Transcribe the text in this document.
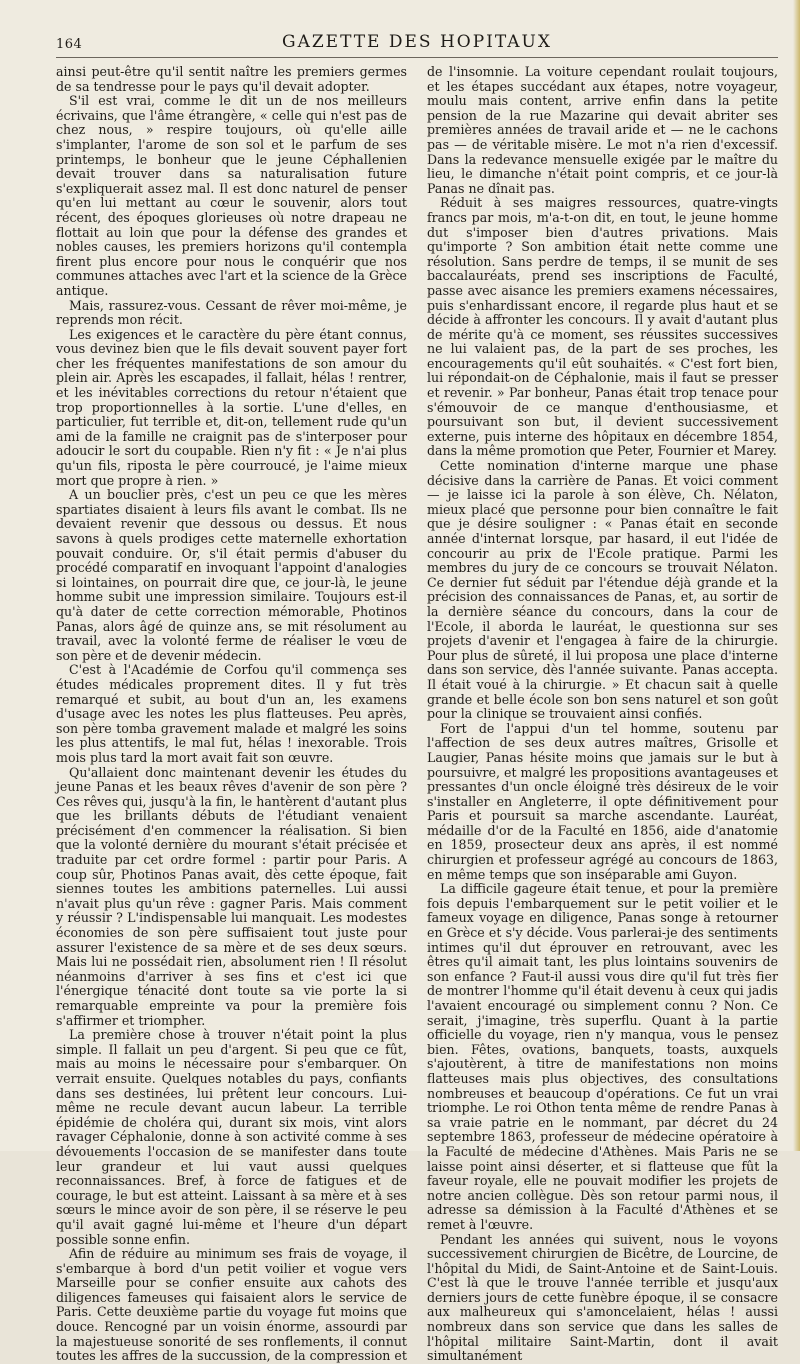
164	GAZETTE DES HOPITAUX

ainsi peut-être qu'il sentit naître les premiers germes de sa tendresse pour le pays qu'il devait adopter.

S'il est vrai, comme le dit un de nos meilleurs écrivains, que l'âme étrangère, « celle qui n'est pas de chez nous, » respire toujours, où qu'elle aille s'implanter, l'arome de son sol et le parfum de ses printemps, le bonheur que le jeune Céphallenien devait trouver dans sa naturalisation future s'expliquerait assez mal. Il est donc naturel de penser qu'en lui mettant au cœur le souvenir, alors tout récent, des époques glorieuses où notre drapeau ne flottait au loin que pour la défense des grandes et nobles causes, les premiers horizons qu'il contempla firent plus encore pour nous le conquérir que nos communes attaches avec l'art et la science de la Grèce antique.

Mais, rassurez-vous. Cessant de rêver moi-même, je reprends mon récit.

Les exigences et le caractère du père étant connus, vous devinez bien que le fils devait souvent payer fort cher les fréquentes manifestations de son amour du plein air. Après les escapades, il fallait, hélas ! rentrer, et les inévitables corrections du retour n'étaient que trop proportionnelles à la sortie. L'une d'elles, en particulier, fut terrible et, dit-on, tellement rude qu'un ami de la famille ne craignit pas de s'interposer pour adoucir le sort du coupable. Rien n'y fit : « Je n'ai plus qu'un fils, riposta le père courroucé, je l'aime mieux mort que propre à rien. »

A un bouclier près, c'est un peu ce que les mères spartiates disaient à leurs fils avant le combat. Ils ne devaient revenir que dessous ou dessus. Et nous savons à quels prodiges cette maternelle exhortation pouvait conduire. Or, s'il était permis d'abuser du procédé comparatif en invoquant l'appoint d'analogies si lointaines, on pourrait dire que, ce jour-là, le jeune homme subit une impression similaire. Toujours est-il qu'à dater de cette correction mémorable, Photinos Panas, alors âgé de quinze ans, se mit résolument au travail, avec la volonté ferme de réaliser le vœu de son père et de devenir médecin.

C'est à l'Académie de Corfou qu'il commença ses études médicales proprement dites. Il y fut très remarqué et subit, au bout d'un an, les examens d'usage avec les notes les plus flatteuses. Peu après, son père tomba gravement malade et malgré les soins les plus attentifs, le mal fut, hélas ! inexorable. Trois mois plus tard la mort avait fait son œuvre.

Qu'allaient donc maintenant devenir les études du jeune Panas et les beaux rêves d'avenir de son père ? Ces rêves qui, jusqu'à la fin, le hantèrent d'autant plus que les brillants débuts de l'étudiant venaient précisément d'en commencer la réalisation. Si bien que la volonté dernière du mourant s'était précisée et traduite par cet ordre formel : partir pour Paris. A coup sûr, Photinos Panas avait, dès cette époque, fait siennes toutes les ambitions paternelles. Lui aussi n'avait plus qu'un rêve : gagner Paris. Mais comment y réussir ? L'indispensable lui manquait. Les modestes économies de son père suffisaient tout juste pour assurer l'existence de sa mère et de ses deux sœurs. Mais lui ne possédait rien, absolument rien ! Il résolut néanmoins d'arriver à ses fins et c'est ici que l'énergique ténacité dont toute sa vie porte la si remarquable empreinte va pour la première fois s'affirmer et triompher.

La première chose à trouver n'était point la plus simple. Il fallait un peu d'argent. Si peu que ce fût, mais au moins le nécessaire pour s'embarquer. On verrait ensuite. Quelques notables du pays, confiants dans ses destinées, lui prêtent leur concours. Lui-même ne recule devant aucun labeur. La terrible épidémie de choléra qui, durant six mois, vint alors ravager Céphalonie, donne à son activité comme à ses dévouements l'occasion de se manifester dans toute leur grandeur et lui vaut aussi quelques reconnaissances. Bref, à force de fatigues et de courage, le but est atteint. Laissant à sa mère et à ses sœurs le mince avoir de son père, il se réserve le peu qu'il avait gagné lui-même et l'heure d'un départ possible sonne enfin.

Afin de réduire au minimum ses frais de voyage, il s'embarque à bord d'un petit voilier et vogue vers Marseille pour se confier ensuite aux cahots des diligences fameuses qui faisaient alors le service de Paris. Cette deuxième partie du voyage fut moins que douce. Rencogné par un voisin énorme, assourdi par la majestueuse sonorité de ses ronflements, il connut toutes les affres de la succussion, de la compression et

de l'insomnie. La voiture cependant roulait toujours, et les étapes succédant aux étapes, notre voyageur, moulu mais content, arrive enfin dans la petite pension de la rue Mazarine qui devait abriter ses premières années de travail aride et — ne le cachons pas — de véritable misère. Le mot n'a rien d'excessif. Dans la redevance mensuelle exigée par le maître du lieu, le dimanche n'était point compris, et ce jour-là Panas ne dînait pas.

Réduit à ses maigres ressources, quatre-vingts francs par mois, m'a-t-on dit, en tout, le jeune homme dut s'imposer bien d'autres privations. Mais qu'importe ? Son ambition était nette comme une résolution. Sans perdre de temps, il se munit de ses baccalauréats, prend ses inscriptions de Faculté, passe avec aisance les premiers examens nécessaires, puis s'enhardissant encore, il regarde plus haut et se décide à affronter les concours. Il y avait d'autant plus de mérite qu'à ce moment, ses réussites successives ne lui valaient pas, de la part de ses proches, les encouragements qu'il eût souhaités. « C'est fort bien, lui répondait-on de Céphalonie, mais il faut se presser et revenir. » Par bonheur, Panas était trop tenace pour s'émouvoir de ce manque d'enthousiasme, et poursuivant son but, il devient successivement externe, puis interne des hôpitaux en décembre 1854, dans la même promotion que Peter, Fournier et Marey.

Cette nomination d'interne marque une phase décisive dans la carrière de Panas. Et voici comment — je laisse ici la parole à son élève, Ch. Nélaton, mieux placé que personne pour bien connaître le fait que je désire souligner : « Panas était en seconde année d'internat lorsque, par hasard, il eut l'idée de concourir au prix de l'Ecole pratique. Parmi les membres du jury de ce concours se trouvait Nélaton. Ce dernier fut séduit par l'étendue déjà grande et la précision des connaissances de Panas, et, au sortir de la dernière séance du concours, dans la cour de l'Ecole, il aborda le lauréat, le questionna sur ses projets d'avenir et l'engagea à faire de la chirurgie. Pour plus de sûreté, il lui proposa une place d'interne dans son service, dès l'année suivante. Panas accepta. Il était voué à la chirurgie. » Et chacun sait à quelle grande et belle école son bon sens naturel et son goût pour la clinique se trouvaient ainsi confiés.

Fort de l'appui d'un tel homme, soutenu par l'affection de ses deux autres maîtres, Grisolle et Laugier, Panas hésite moins que jamais sur le but à poursuivre, et malgré les propositions avantageuses et pressantes d'un oncle éloigné très désireux de le voir s'installer en Angleterre, il opte définitivement pour Paris et poursuit sa marche ascendante. Lauréat, médaille d'or de la Faculté en 1856, aide d'anatomie en 1859, prosecteur deux ans après, il est nommé chirurgien et professeur agrégé au concours de 1863, en même temps que son inséparable ami Guyon.

La difficile gageure était tenue, et pour la première fois depuis l'embarquement sur le petit voilier et le fameux voyage en diligence, Panas songe à retourner en Grèce et s'y décide. Vous parlerai-je des sentiments intimes qu'il dut éprouver en retrouvant, avec les êtres qu'il aimait tant, les plus lointains souvenirs de son enfance ? Faut-il aussi vous dire qu'il fut très fier de montrer l'homme qu'il était devenu à ceux qui jadis l'avaient encouragé ou simplement connu ? Non. Ce serait, j'imagine, très superflu. Quant à la partie officielle du voyage, rien n'y manqua, vous le pensez bien. Fêtes, ovations, banquets, toasts, auxquels s'ajoutèrent, à titre de manifestations non moins flatteuses mais plus objectives, des consultations nombreuses et beaucoup d'opérations. Ce fut un vrai triomphe. Le roi Othon tenta même de rendre Panas à sa vraie patrie en le nommant, par décret du 24 septembre 1863, professeur de médecine opératoire à la Faculté de médecine d'Athènes. Mais Paris ne se laisse point ainsi déserter, et si flatteuse que fût la faveur royale, elle ne pouvait modifier les projets de notre ancien collègue. Dès son retour parmi nous, il adresse sa démission à la Faculté d'Athènes et se remet à l'œuvre.

Pendant les années qui suivent, nous le voyons successivement chirurgien de Bicêtre, de Lourcine, de l'hôpital du Midi, de Saint-Antoine et de Saint-Louis. C'est là que le trouve l'année terrible et jusqu'aux derniers jours de cette funèbre époque, il se consacre aux malheureux qui s'amoncelaient, hélas ! aussi nombreux dans son service que dans les salles de l'hôpital militaire Saint-Martin, dont il avait simultanément
